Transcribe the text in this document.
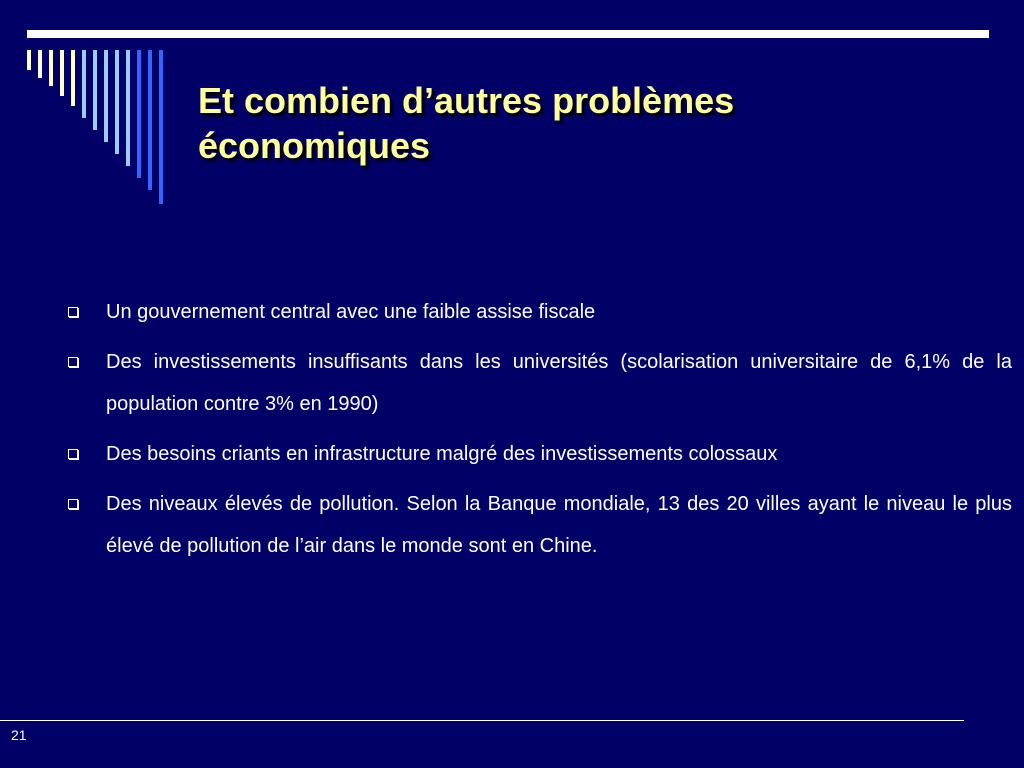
Et combien d’autres problèmes
économiques
Un gouvernement central avec une faible assise fiscale
Des investissements insuffisants dans les universités (scolarisation universitaire de 6,1% de la population contre 3% en 1990)
Des besoins criants en infrastructure malgré des investissements colossaux
Des niveaux élevés de pollution. Selon la Banque mondiale, 13 des 20 villes ayant le niveau le plus élevé de pollution de l’air dans le monde sont en Chine.
21
